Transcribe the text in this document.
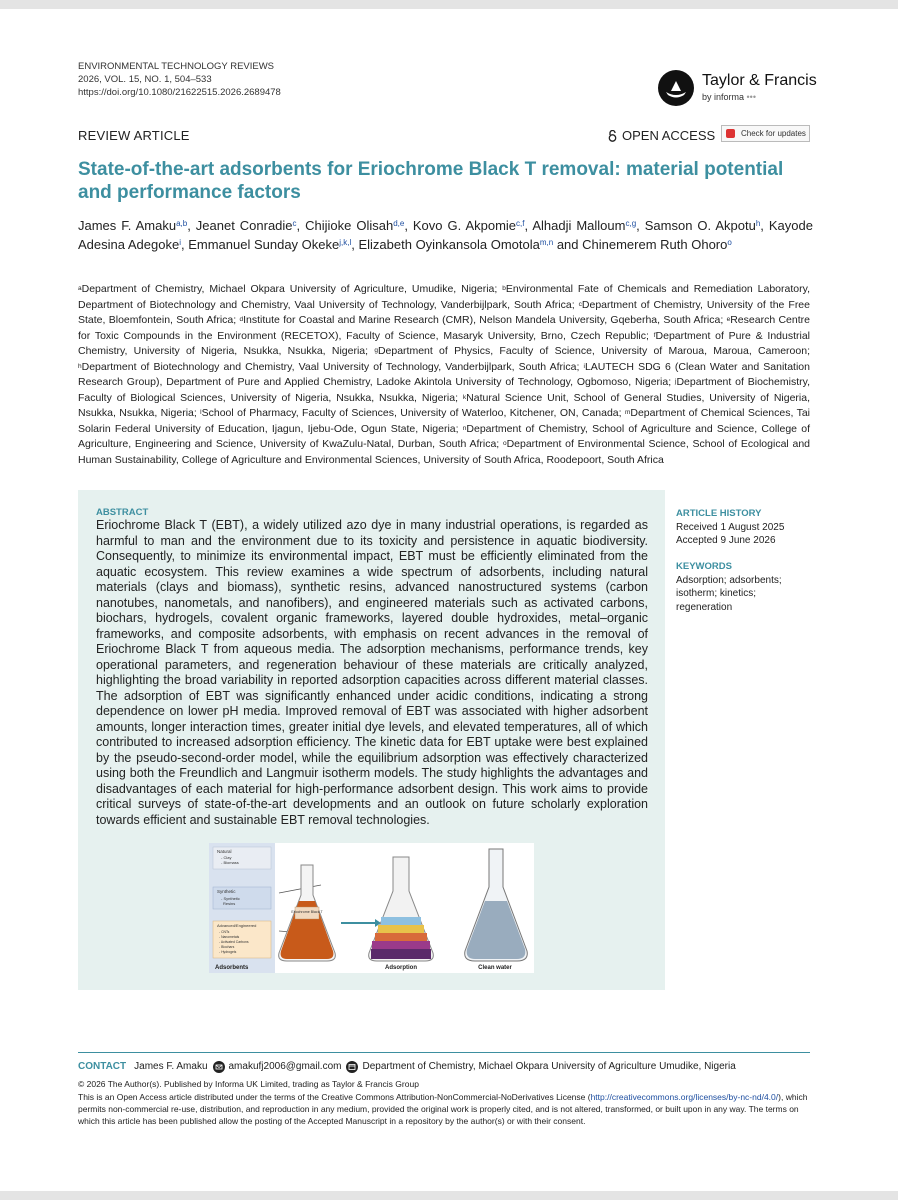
ENVIRONMENTAL TECHNOLOGY REVIEWS
2026, VOL. 15, NO. 1, 504–533
https://doi.org/10.1080/21622515.2026.2689478
Taylor & Francis
by informa •••
REVIEW ARTICLE	OPEN ACCESS	Check for updates
State-of-the-art adsorbents for Eriochrome Black T removal: material potential and performance factors
James F. Amaku$^{a,b}$, Jeanet Conradie$^c$, Chijioke Olisah$^{d,e}$, Kovo G. Akpomie$^{c,f}$, Alhadji Malloum$^{c,g}$, Samson O. Akpotu$^h$, Kayode Adesina Adegoke$^i$, Emmanuel Sunday Okeke$^{j,k,l}$, Elizabeth Oyinkansola Omotola$^{m,n}$ and Chinemerem Ruth Ohoro$^o$
$^a$Department of Chemistry, Michael Okpara University of Agriculture, Umudike, Nigeria; $^b$Environmental Fate of Chemicals and Remediation Laboratory, Department of Biotechnology and Chemistry, Vaal University of Technology, Vanderbijlpark, South Africa; $^c$Department of Chemistry, University of the Free State, Bloemfontein, South Africa; $^d$Institute for Coastal and Marine Research (CMR), Nelson Mandela University, Gqeberha, South Africa; $^e$Research Centre for Toxic Compounds in the Environment (RECETOX), Faculty of Science, Masaryk University, Brno, Czech Republic; $^f$Department of Pure & Industrial Chemistry, University of Nigeria, Nsukka, Nsukka, Nigeria; $^g$Department of Physics, Faculty of Science, University of Maroua, Maroua, Cameroon; $^h$Department of Biotechnology and Chemistry, Vaal University of Technology, Vanderbijlpark, South Africa; $^i$LAUTECH SDG 6 (Clean Water and Sanitation Research Group), Department of Pure and Applied Chemistry, Ladoke Akintola University of Technology, Ogbomoso, Nigeria; $^j$Department of Biochemistry, Faculty of Biological Sciences, University of Nigeria, Nsukka, Nsukka, Nigeria; $^k$Natural Science Unit, School of General Studies, University of Nigeria, Nsukka, Nsukka, Nigeria; $^l$School of Pharmacy, Faculty of Sciences, University of Waterloo, Kitchener, ON, Canada; $^m$Department of Chemical Sciences, Tai Solarin Federal University of Education, Ijagun, Ijebu-Ode, Ogun State, Nigeria; $^n$Department of Chemistry, School of Agriculture and Science, College of Agriculture, Engineering and Science, University of KwaZulu-Natal, Durban, South Africa; $^o$Department of Environmental Science, School of Ecological and Human Sustainability, College of Agriculture and Environmental Sciences, University of South Africa, Roodepoort, South Africa
ABSTRACT
Eriochrome Black T (EBT), a widely utilized azo dye in many industrial operations, is regarded as harmful to man and the environment due to its toxicity and persistence in aquatic biodiversity. Consequently, to minimize its environmental impact, EBT must be efficiently eliminated from the aquatic ecosystem. This review examines a wide spectrum of adsorbents, including natural materials (clays and biomass), synthetic resins, advanced nanostructured systems (carbon nanotubes, nanometals, and nanofibers), and engineered materials such as activated carbons, biochars, hydrogels, covalent organic frameworks, layered double hydroxides, metal–organic frameworks, and composite adsorbents, with emphasis on recent advances in the removal of Eriochrome Black T from aqueous media. The adsorption mechanisms, performance trends, key operational parameters, and regeneration behaviour of these materials are critically analyzed, highlighting the broad variability in reported adsorption capacities across different material classes. The adsorption of EBT was significantly enhanced under acidic conditions, indicating a strong dependence on lower pH media. Improved removal of EBT was associated with higher adsorbent amounts, longer interaction times, greater initial dye levels, and elevated temperatures, all of which contributed to increased adsorption efficiency. The kinetic data for EBT uptake were best explained by the pseudo-second-order model, while the equilibrium adsorption was effectively characterized using both the Freundlich and Langmuir isotherm models. The study highlights the advantages and disadvantages of each material for high-performance adsorbent design. This work aims to provide critical surveys of state-of-the-art developments and an outlook on future scholarly exploration towards efficient and sustainable EBT removal technologies.
Natural
- Clay
- Biomass
Synthetic
- Synthetic
Resins
Advanced/Engineered
- CNTs
- Nanometals
- Activated Carbons
- Biochars
- Hydrogels
Adsorbents
Eriochrome Black T
Adsorption	Clean water
ARTICLE HISTORY
Received 1 August 2025
Accepted 9 June 2026
KEYWORDS
Adsorption; adsorbents; isotherm; kinetics; regeneration
CONTACT James F. Amaku amakufj2006@gmail.com Department of Chemistry, Michael Okpara University of Agriculture Umudike, Nigeria
© 2026 The Author(s). Published by Informa UK Limited, trading as Taylor & Francis Group
This is an Open Access article distributed under the terms of the Creative Commons Attribution-NonCommercial-NoDerivatives License (http://creativecommons.org/licenses/by-nc-nd/4.0/), which permits non-commercial re-use, distribution, and reproduction in any medium, provided the original work is properly cited, and is not altered, transformed, or built upon in any way. The terms on which this article has been published allow the posting of the Accepted Manuscript in a repository by the author(s) or with their consent.
